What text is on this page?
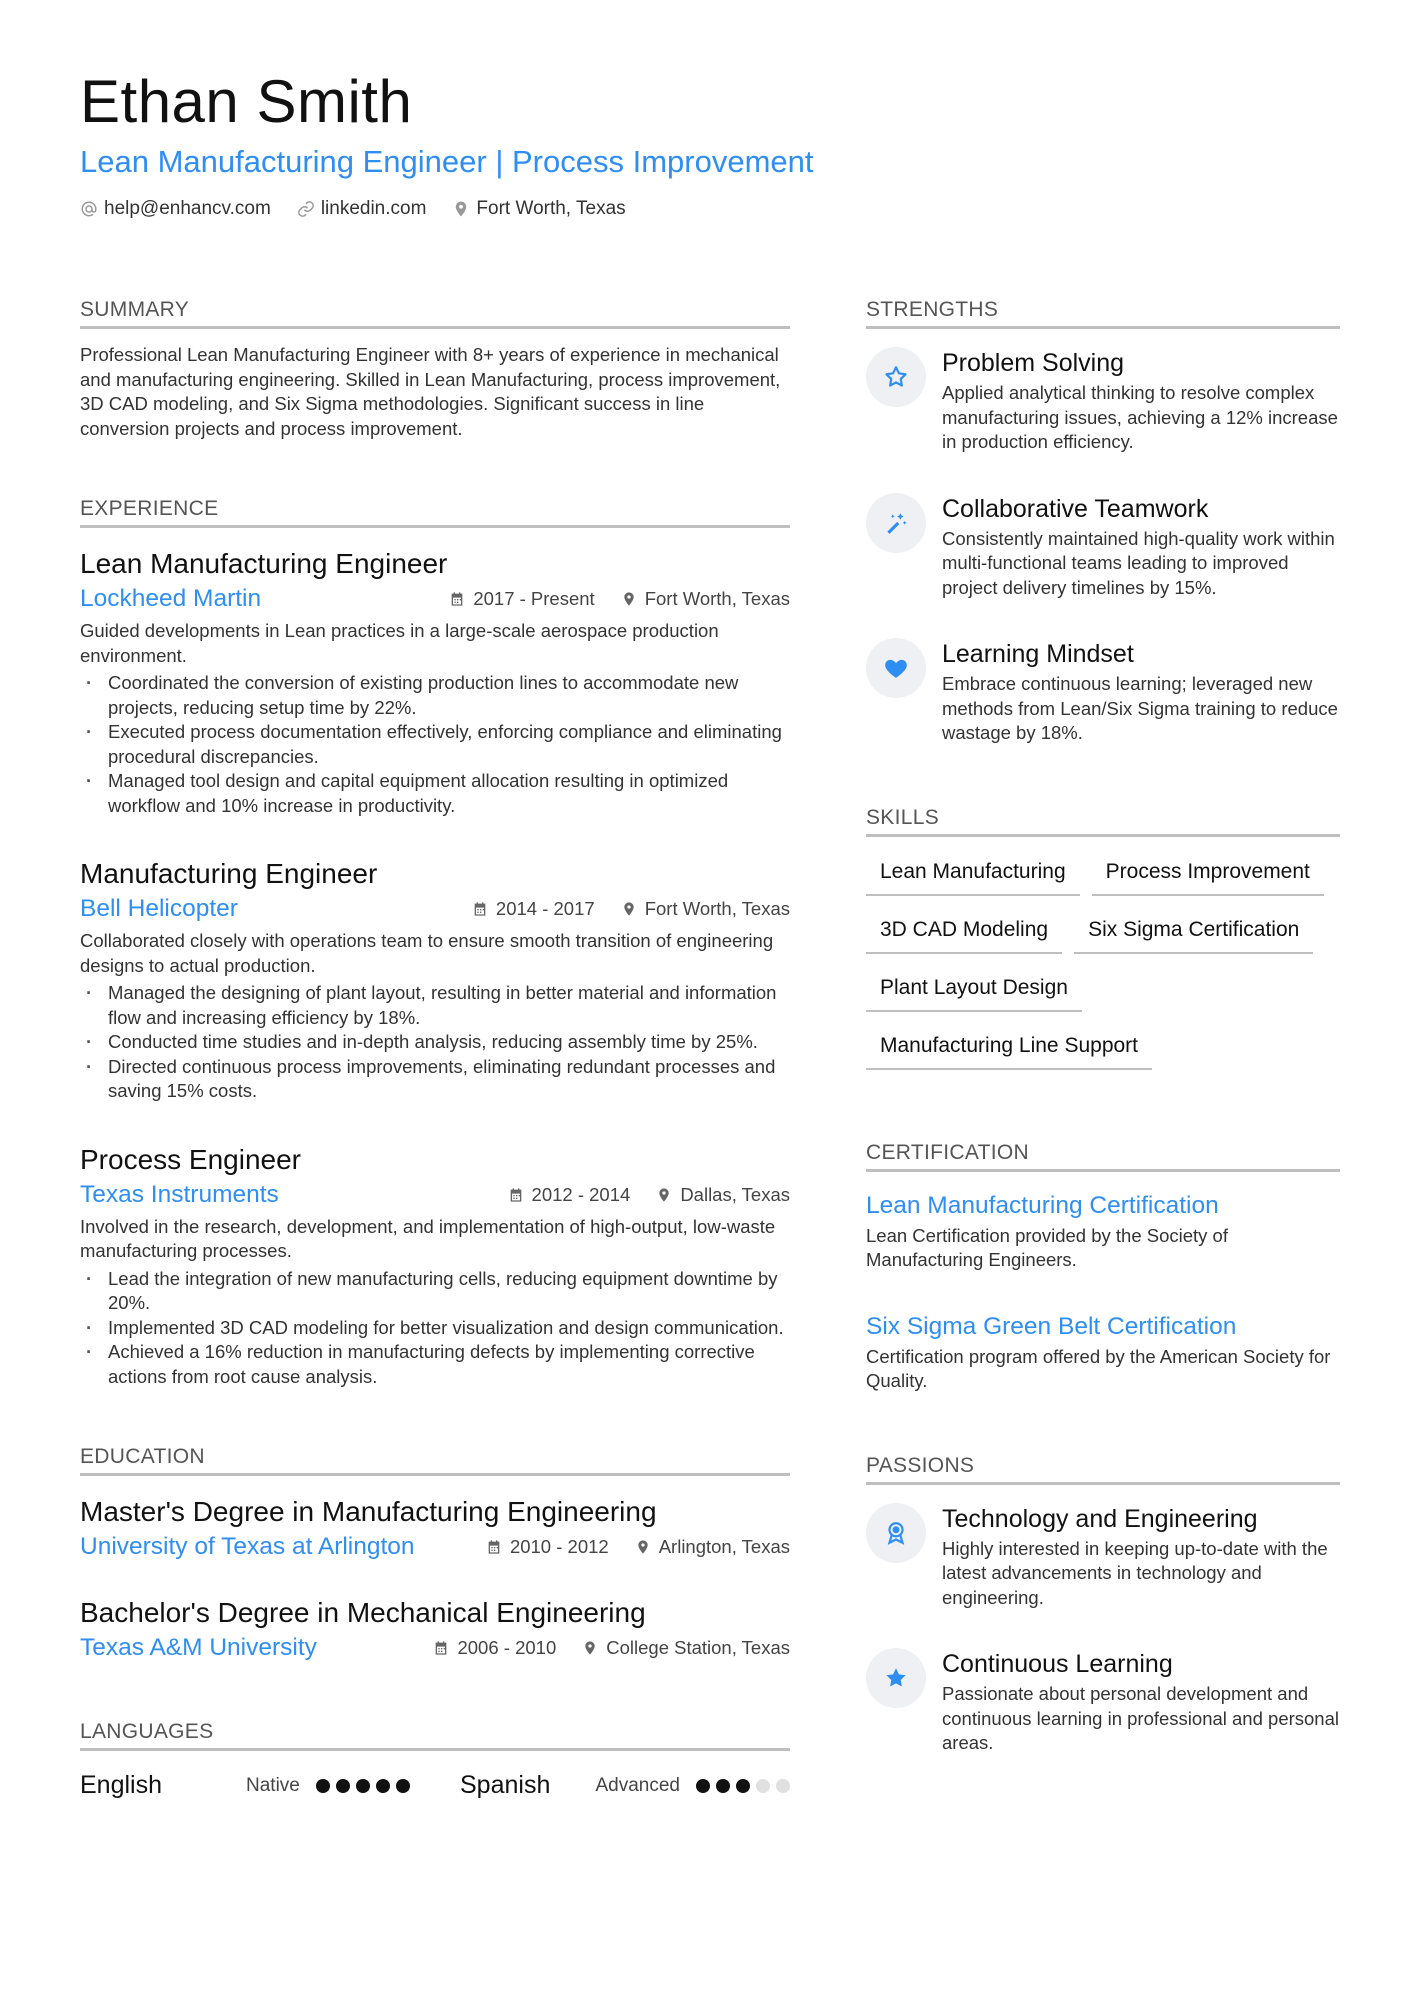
Ethan Smith
Lean Manufacturing Engineer | Process Improvement
help@enhancv.com	linkedin.com	Fort Worth, Texas
SUMMARY

Professional Lean Manufacturing Engineer with 8+ years of experience in mechanical and manufacturing engineering. Skilled in Lean Manufacturing, process improvement, 3D CAD modeling, and Six Sigma methodologies. Significant success in line conversion projects and process improvement.

EXPERIENCE
Lean Manufacturing Engineer
Lockheed Martin	2017 - Present	Fort Worth, Texas

Guided developments in Lean practices in a large-scale aerospace production environment.

· Coordinated the conversion of existing production lines to accommodate new projects, reducing setup time by 22%.
· Executed process documentation effectively, enforcing compliance and eliminating procedural discrepancies.
· Managed tool design and capital equipment allocation resulting in optimized workflow and 10% increase in productivity.
Manufacturing Engineer
Bell Helicopter	2014 - 2017	Fort Worth, Texas

Collaborated closely with operations team to ensure smooth transition of engineering designs to actual production.

· Managed the designing of plant layout, resulting in better material and information flow and increasing efficiency by 18%.
· Conducted time studies and in-depth analysis, reducing assembly time by 25%.
· Directed continuous process improvements, eliminating redundant processes and saving 15% costs.
Process Engineer
Texas Instruments	2012 - 2014	Dallas, Texas

Involved in the research, development, and implementation of high-output, low-waste manufacturing processes.

· Lead the integration of new manufacturing cells, reducing equipment downtime by 20%.
· Implemented 3D CAD modeling for better visualization and design communication.
· Achieved a 16% reduction in manufacturing defects by implementing corrective actions from root cause analysis.
EDUCATION
Master's Degree in Manufacturing Engineering
University of Texas at Arlington	2010 - 2012	Arlington, Texas
Bachelor's Degree in Mechanical Engineering
Texas A&M University	2006 - 2010	College Station, Texas
LANGUAGES
English	Native	Spanish Advanced
STRENGTHS
Problem Solving

Applied analytical thinking to resolve complex manufacturing issues, achieving a 12% increase in production efficiency.

Collaborative Teamwork

Consistently maintained high-quality work within multi-functional teams leading to improved project delivery timelines by 15%.

Learning Mindset

Embrace continuous learning; leveraged new methods from Lean/Six Sigma training to reduce wastage by 18%.

SKILLS
Lean Manufacturing	Process Improvement
3D CAD Modeling	Six Sigma Certification
Plant Layout Design
Manufacturing Line Support
CERTIFICATION
Lean Manufacturing Certification

Lean Certification provided by the Society of Manufacturing Engineers.

Six Sigma Green Belt Certification

Certification program offered by the American Society for Quality.

PASSIONS
Technology and Engineering

Highly interested in keeping up-to-date with the latest advancements in technology and engineering.

Continuous Learning

Passionate about personal development and continuous learning in professional and personal areas.
